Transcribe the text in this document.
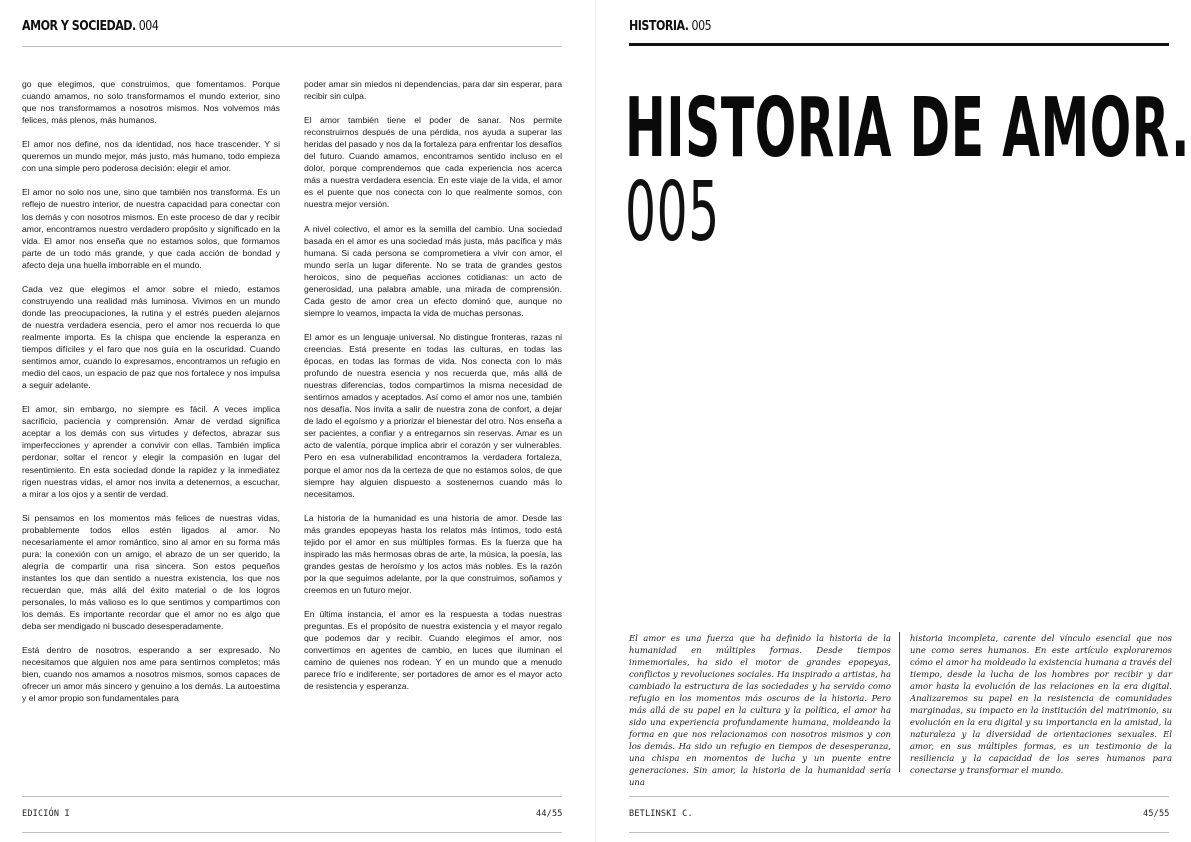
AMOR Y SOCIEDAD. 004

go que elegimos, que construimos, que fomentamos. Porque cuando amamos, no solo transformamos el mundo exterior, sino que nos transformamos a nosotros mismos. Nos volvemos más felices, más plenos, más humanos.

El amor nos define, nos da identidad, nos hace trascender. Y si queremos un mundo mejor, más justo, más humano, todo empieza con una simple pero poderosa decisión: elegir el amor.

El amor no solo nos une, sino que también nos transforma. Es un reflejo de nuestro interior, de nuestra capacidad para conectar con los demás y con nosotros mismos. En este proceso de dar y recibir amor, encontramos nuestro verdadero propósito y significado en la vida. El amor nos enseña que no estamos solos, que formamos parte de un todo más grande, y que cada acción de bondad y afecto deja una huella imborrable en el mundo.

Cada vez que elegimos el amor sobre el miedo, estamos construyendo una realidad más luminosa. Vivimos en un mundo donde las preocupaciones, la rutina y el estrés pueden alejarnos de nuestra verdadera esencia, pero el amor nos recuerda lo que realmente importa. Es la chispa que enciende la esperanza en tiempos difíciles y el faro que nos guía en la oscuridad. Cuando sentimos amor, cuando lo expresamos, encontramos un refugio en medio del caos, un espacio de paz que nos fortalece y nos impulsa a seguir adelante.

El amor, sin embargo, no siempre es fácil. A veces implica sacrificio, paciencia y comprensión. Amar de verdad significa aceptar a los demás con sus virtudes y defectos, abrazar sus imperfecciones y aprender a convivir con ellas. También implica perdonar, soltar el rencor y elegir la compasión en lugar del resentimiento. En esta sociedad donde la rapidez y la inmediatez rigen nuestras vidas, el amor nos invita a detenernos, a escuchar, a mirar a los ojos y a sentir de verdad.

Si pensamos en los momentos más felices de nuestras vidas, probablemente todos ellos estén ligados al amor. No necesariamente el amor romántico, sino al amor en su forma más pura: la conexión con un amigo, el abrazo de un ser querido, la alegría de compartir una risa sincera. Son estos pequeños instantes los que dan sentido a nuestra existencia, los que nos recuerdan que, más allá del éxito material o de los logros personales, lo más valioso es lo que sentimos y compartimos con los demás. Es importante recordar que el amor no es algo que deba ser mendigado ni buscado desesperadamente.

Está dentro de nosotros, esperando a ser expresado. No necesitamos que alguien nos ame para sentirnos completos; más bien, cuando nos amamos a nosotros mismos, somos capaces de ofrecer un amor más sincero y genuino a los demás. La autoestima y el amor propio son fundamentales para

poder amar sin miedos ni dependencias, para dar sin esperar, para recibir sin culpa.

El amor también tiene el poder de sanar. Nos permite reconstruirnos después de una pérdida, nos ayuda a superar las heridas del pasado y nos da la fortaleza para enfrentar los desafíos del futuro. Cuando amamos, encontramos sentido incluso en el dolor, porque comprendemos que cada experiencia nos acerca más a nuestra verdadera esencia. En este viaje de la vida, el amor es el puente que nos conecta con lo que realmente somos, con nuestra mejor versión.

A nivel colectivo, el amor es la semilla del cambio. Una sociedad basada en el amor es una sociedad más justa, más pacífica y más humana. Si cada persona se comprometiera a vivir con amor, el mundo sería un lugar diferente. No se trata de grandes gestos heroicos, sino de pequeñas acciones cotidianas: un acto de generosidad, una palabra amable, una mirada de comprensión. Cada gesto de amor crea un efecto dominó que, aunque no siempre lo veamos, impacta la vida de muchas personas.

El amor es un lenguaje universal. No distingue fronteras, razas ni creencias. Está presente en todas las culturas, en todas las épocas, en todas las formas de vida. Nos conecta con lo más profundo de nuestra esencia y nos recuerda que, más allá de nuestras diferencias, todos compartimos la misma necesidad de sentirnos amados y aceptados. Así como el amor nos une, también nos desafía. Nos invita a salir de nuestra zona de confort, a dejar de lado el egoísmo y a priorizar el bienestar del otro. Nos enseña a ser pacientes, a confiar y a entregarnos sin reservas. Amar es un acto de valentía, porque implica abrir el corazón y ser vulnerables. Pero en esa vulnerabilidad encontramos la verdadera fortaleza, porque el amor nos da la certeza de que no estamos solos, de que siempre hay alguien dispuesto a sostenernos cuando más lo necesitamos.

La historia de la humanidad es una historia de amor. Desde las más grandes epopeyas hasta los relatos más íntimos, todo está tejido por el amor en sus múltiples formas. Es la fuerza que ha inspirado las más hermosas obras de arte, la música, la poesía, las grandes gestas de heroísmo y los actos más nobles. Es la razón por la que seguimos adelante, por la que construimos, soñamos y creemos en un futuro mejor.

En última instancia, el amor es la respuesta a todas nuestras preguntas. Es el propósito de nuestra existencia y el mayor regalo que podemos dar y recibir. Cuando elegimos el amor, nos convertimos en agentes de cambio, en luces que iluminan el camino de quienes nos rodean. Y en un mundo que a menudo parece frío e indiferente, ser portadores de amor es el mayor acto de resistencia y esperanza.

EDICIÓN I	44/55
HISTORIA. 005
HISTORIA DE AMOR.
005
El amor es una fuerza que ha definido la historia de la humanidad en múltiples formas. Desde tiempos inmemoriales, ha sido el motor de grandes epopeyas, conflictos y revoluciones sociales. Ha inspirado a artistas, ha cambiado la estructura de las sociedades y ha servido como refugio en los momentos más oscuros de la historia. Pero más allá de su papel en la cultura y la política, el amor ha sido una experiencia profundamente humana, moldeando la forma en que nos relacionamos con nosotros mismos y con los demás. Ha sido un refugio en tiempos de desesperanza, una chispa en momentos de lucha y un puente entre generaciones. Sin amor, la historia de la humanidad sería una
historia incompleta, carente del vínculo esencial que nos une como seres humanos. En este artículo exploraremos cómo el amor ha moldeado la existencia humana a través del tiempo, desde la lucha de los hombres por recibir y dar amor hasta la evolución de las relaciones en la era digital. Analizaremos su papel en la resistencia de comunidades marginadas, su impacto en la institución del matrimonio, su evolución en la era digital y su importancia en la amistad, la naturaleza y la diversidad de orientaciones sexuales. El amor, en sus múltiples formas, es un testimonio de la resiliencia y la capacidad de los seres humanos para conectarse y transformar el mundo.
BETLINSKI C.	45/55
